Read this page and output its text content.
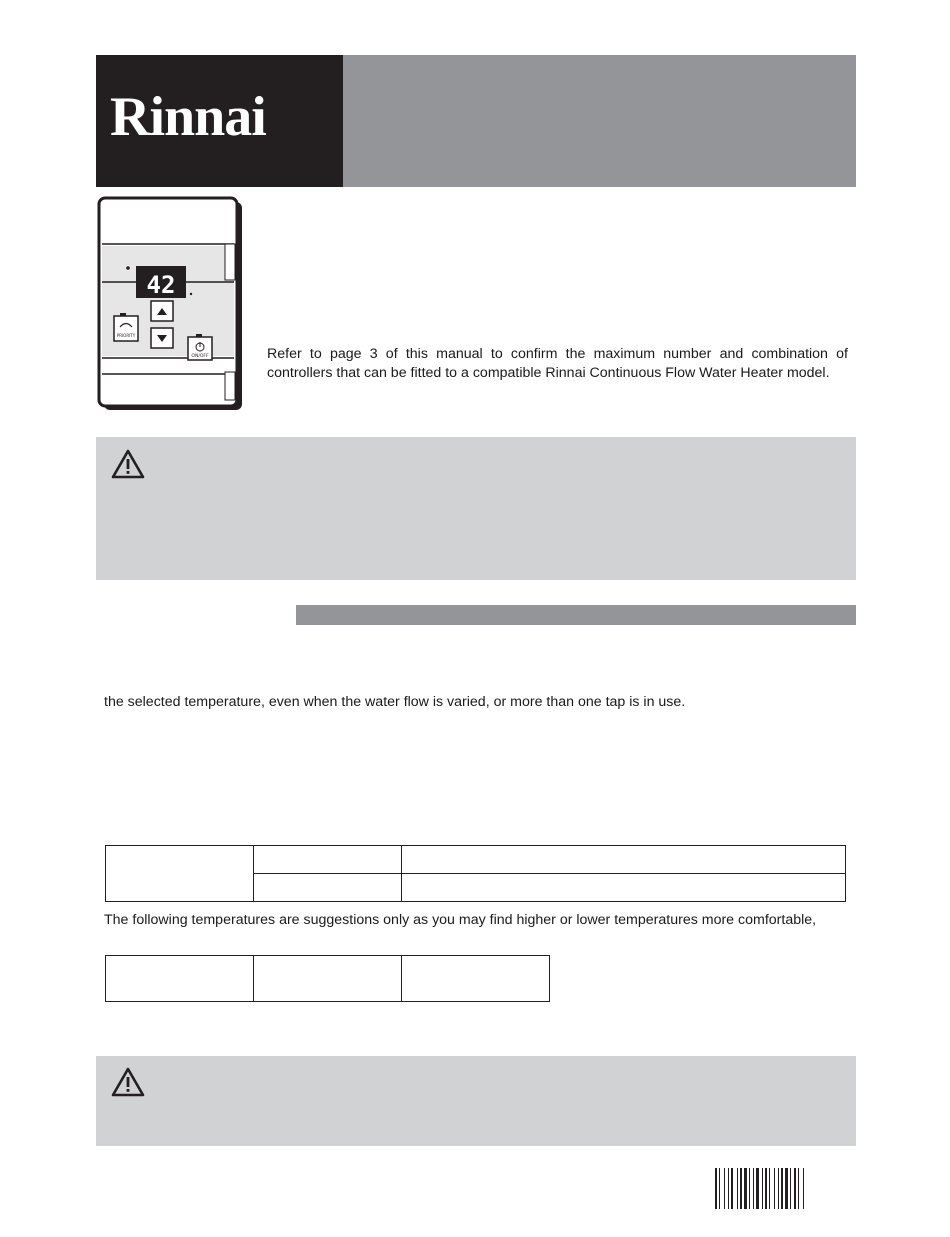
Rinnai
42
PRIORITY
ON/OFF	Refer to page 3 of this manual to confirm the maximum number and combination of controllers that can be fitted to a compatible Rinnai Continuous Flow Water Heater model.
the selected temperature, even when the water flow is varied, or more than one tap is in use.

The following temperatures are suggestions only as you may find higher or lower temperatures more comfortable,
